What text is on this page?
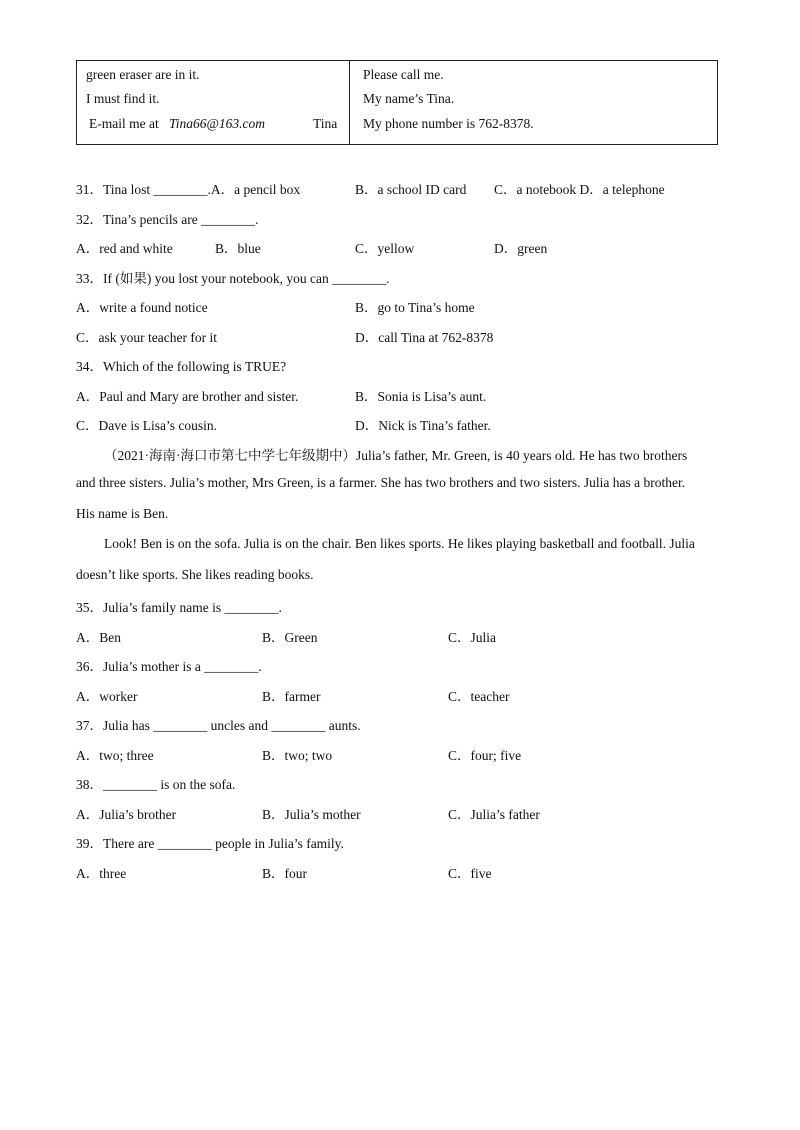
green eraser are in it.
I must find it.
E-mail me at Tina66@163.com	Tina
Please call me.
My name’s Tina.
My phone number is 762-8378.
31．Tina lost ________.A．a pencil box	B．a school ID card C．a notebook D．a telephone
32．Tina’s pencils are ________.
A．red and white	B．blue	C．yellow	D．green
33．If (如果) you lost your notebook, you can ________.
A．write a found notice	B．go to Tina’s home
C．ask your teacher for it	D．call Tina at 762-8378
34．Which of the following is TRUE?
A．Paul and Mary are brother and sister.	B．Sonia is Lisa’s aunt.
C．Dave is Lisa’s cousin.	D．Nick is Tina’s father.
（2021·海南·海口市第七中学七年级期中）Julia’s father, Mr. Green, is 40 years old. He has two brothers
and three sisters. Julia’s mother, Mrs Green, is a farmer. She has two brothers and two sisters. Julia has a brother.
His name is Ben.
Look! Ben is on the sofa. Julia is on the chair. Ben likes sports. He likes playing basketball and football. Julia
doesn’t like sports. She likes reading books.
35．Julia’s family name is ________.
A．Ben	B．Green	C．Julia
36．Julia’s mother is a ________.
A．worker	B．farmer	C．teacher
37．Julia has ________ uncles and ________ aunts.
A．two; three	B．two; two	C．four; five
38．________ is on the sofa.
A．Julia’s brother	B．Julia’s mother	C．Julia’s father
39．There are ________ people in Julia’s family.
A．three	B．four	C．five
